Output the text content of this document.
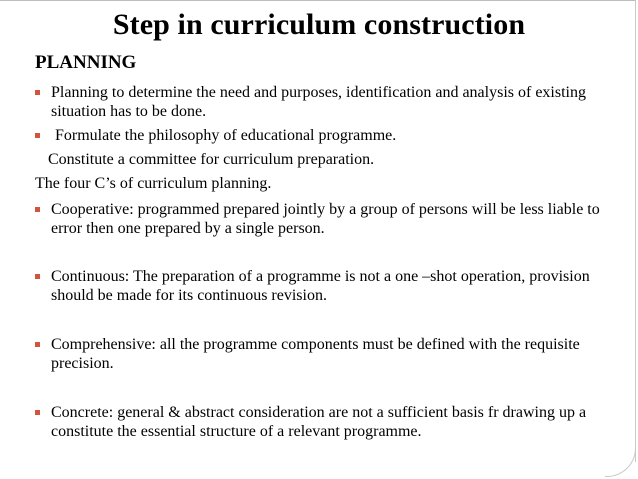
Step in curriculum construction
PLANNING
Planning to determine the need and purposes, identification and analysis of existing situation has to be done.
Formulate the philosophy of educational programme.
Constitute a committee for curriculum preparation.
The four C’s of curriculum planning.
Cooperative: programmed prepared jointly by a group of persons will be less liable to error then one prepared by a single person.
Continuous: The preparation of a programme is not a one –shot operation, provision should be made for its continuous revision.
Comprehensive: all the programme components must be defined with the requisite precision.
Concrete: general & abstract consideration are not a sufficient basis fr drawing up a constitute the essential structure of a relevant programme.
